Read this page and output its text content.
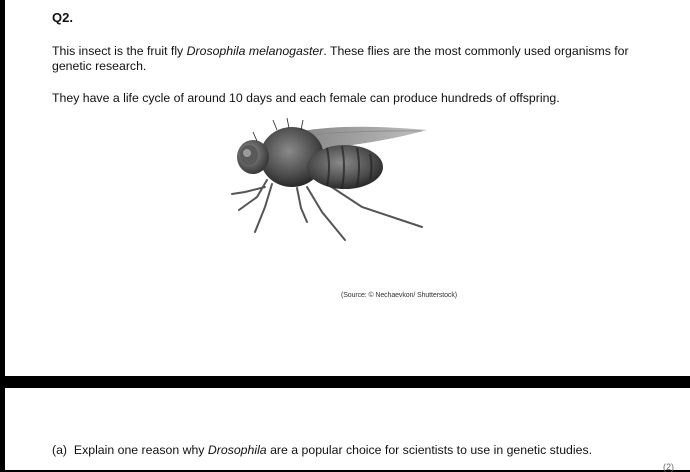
Q2.
This insect is the fruit fly Drosophila melanogaster. These flies are the most commonly used organisms for genetic research.
They have a life cycle of around 10 days and each female can produce hundreds of offspring.
(Source: © Nechaevkon/ Shutterstock)
(a) Explain one reason why Drosophila are a popular choice for scientists to use in genetic studies.
(2)
